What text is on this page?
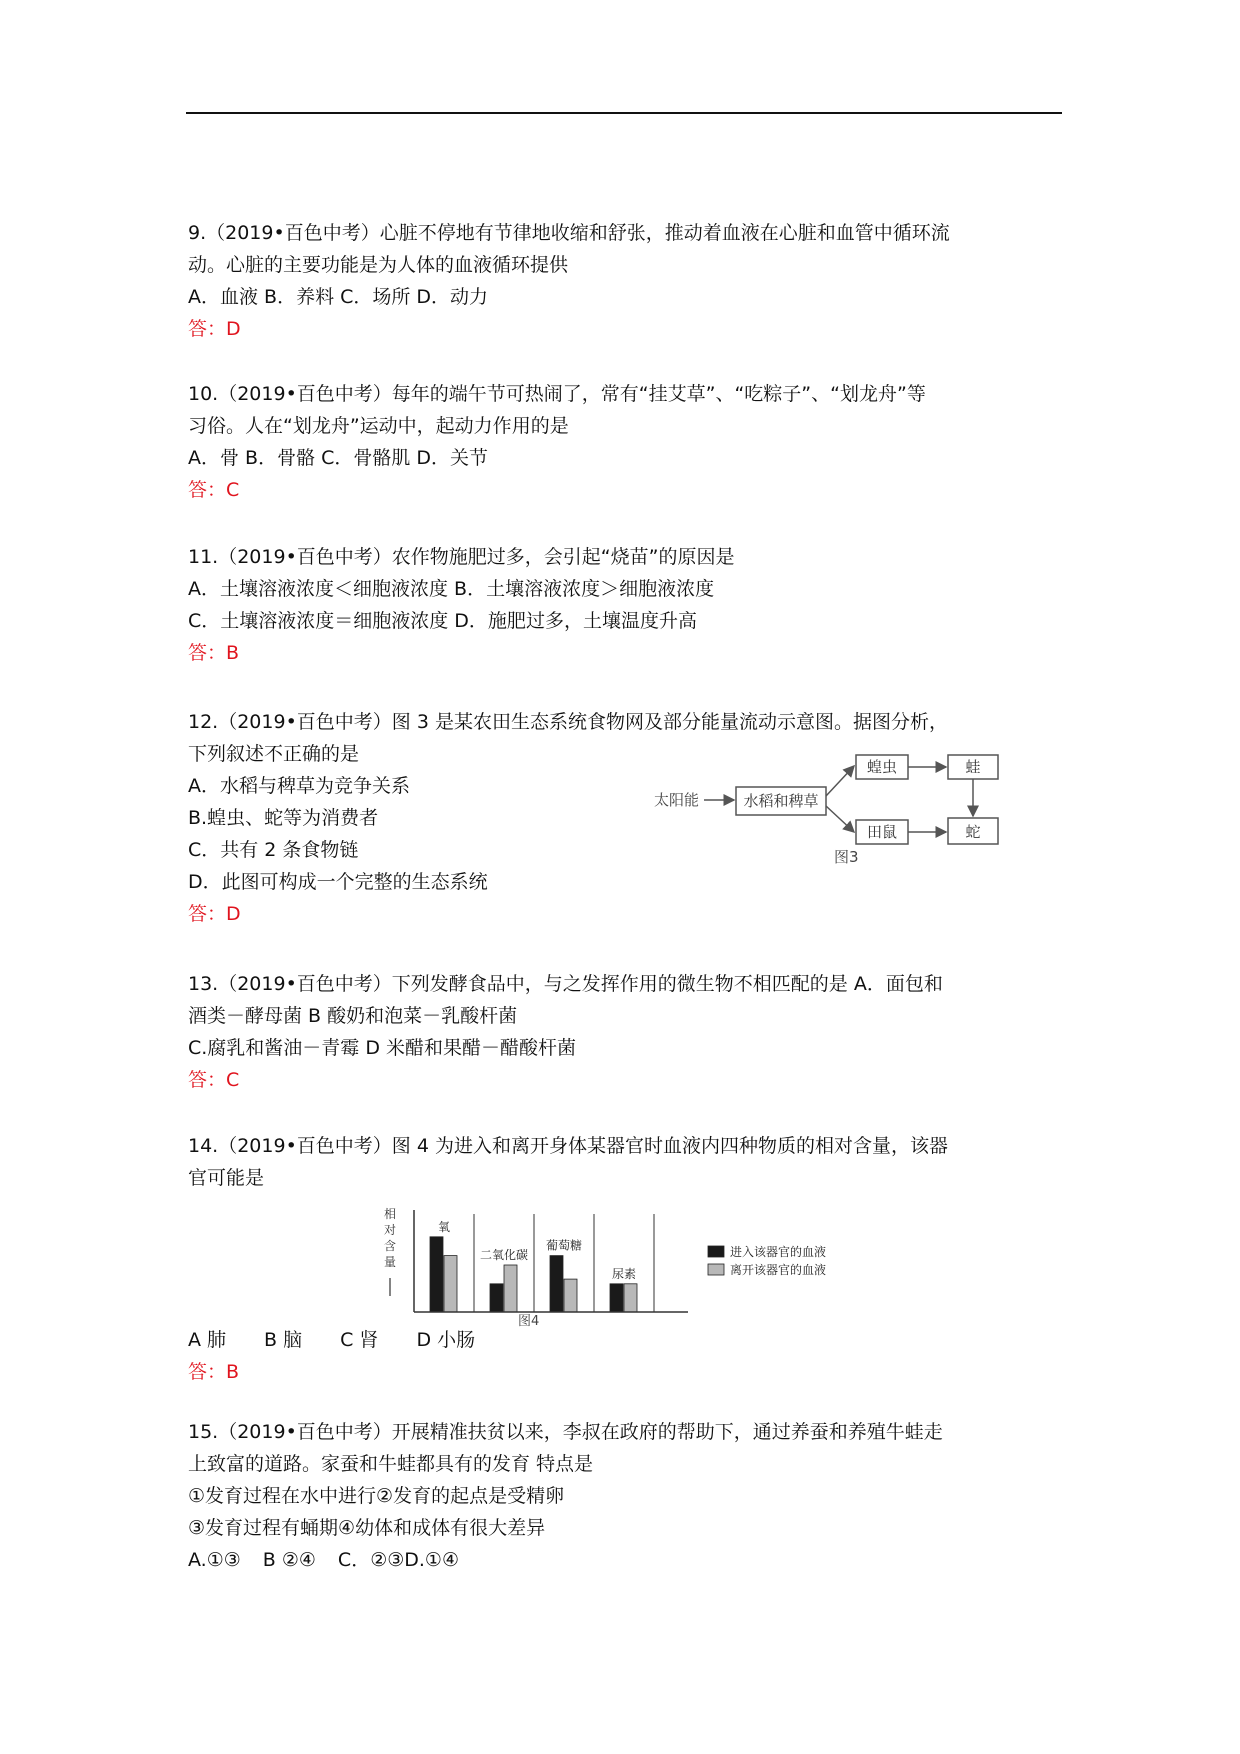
9.（2019•百色中考）心脏不停地有节律地收缩和舒张，推动着血液在心脏和血管中循环流
动。心脏的主要功能是为人体的血液循环提供
A．血液 B．养料 C．场所 D．动力
答：D
10.（2019•百色中考）每年的端午节可热闹了，常有“挂艾草”、“吃粽子”、“划龙舟”等
习俗。人在“划龙舟”运动中，起动力作用的是
A．骨 B．骨骼 C．骨骼肌 D．关节
答：C
11.（2019•百色中考）农作物施肥过多，会引起“烧苗”的原因是
A．土壤溶液浓度＜细胞液浓度 B．土壤溶液浓度＞细胞液浓度
C．土壤溶液浓度＝细胞液浓度 D．施肥过多，土壤温度升高
答：B
12.（2019•百色中考）图 3 是某农田生态系统食物网及部分能量流动示意图。据图分析，
下列叙述不正确的是
A．水稻与稗草为竞争关系
B.蝗虫、蛇等为消费者
C．共有 2 条食物链
D．此图可构成一个完整的生态系统
答：D
太阳能	水稻和稗草
蝗虫	蛙
田鼠	蛇
图3
13.（2019•百色中考）下列发酵食品中，与之发挥作用的微生物不相匹配的是 A．面包和
酒类－酵母菌 B 酸奶和泡菜－乳酸杆菌
C.腐乳和酱油－青霉 D 米醋和果醋－醋酸杆菌
答：C
14.（2019•百色中考）图 4 为进入和离开身体某器官时血液内四种物质的相对含量，该器
官可能是
相
对
含
量
氧
二氧化碳
葡萄糖
尿素
进入该器官的血液
离开该器官的血液
图4
A 肺 B 脑 C 肾 D 小肠
答：B
15.（2019•百色中考）开展精准扶贫以来，李叔在政府的帮助下，通过养蚕和养殖牛蛙走
上致富的道路。家蚕和牛蛙都具有的发育 特点是
①发育过程在水中进行②发育的起点是受精卵
③发育过程有蛹期④幼体和成体有很大差异
A.①③ B ②④ C．②③D.①④
